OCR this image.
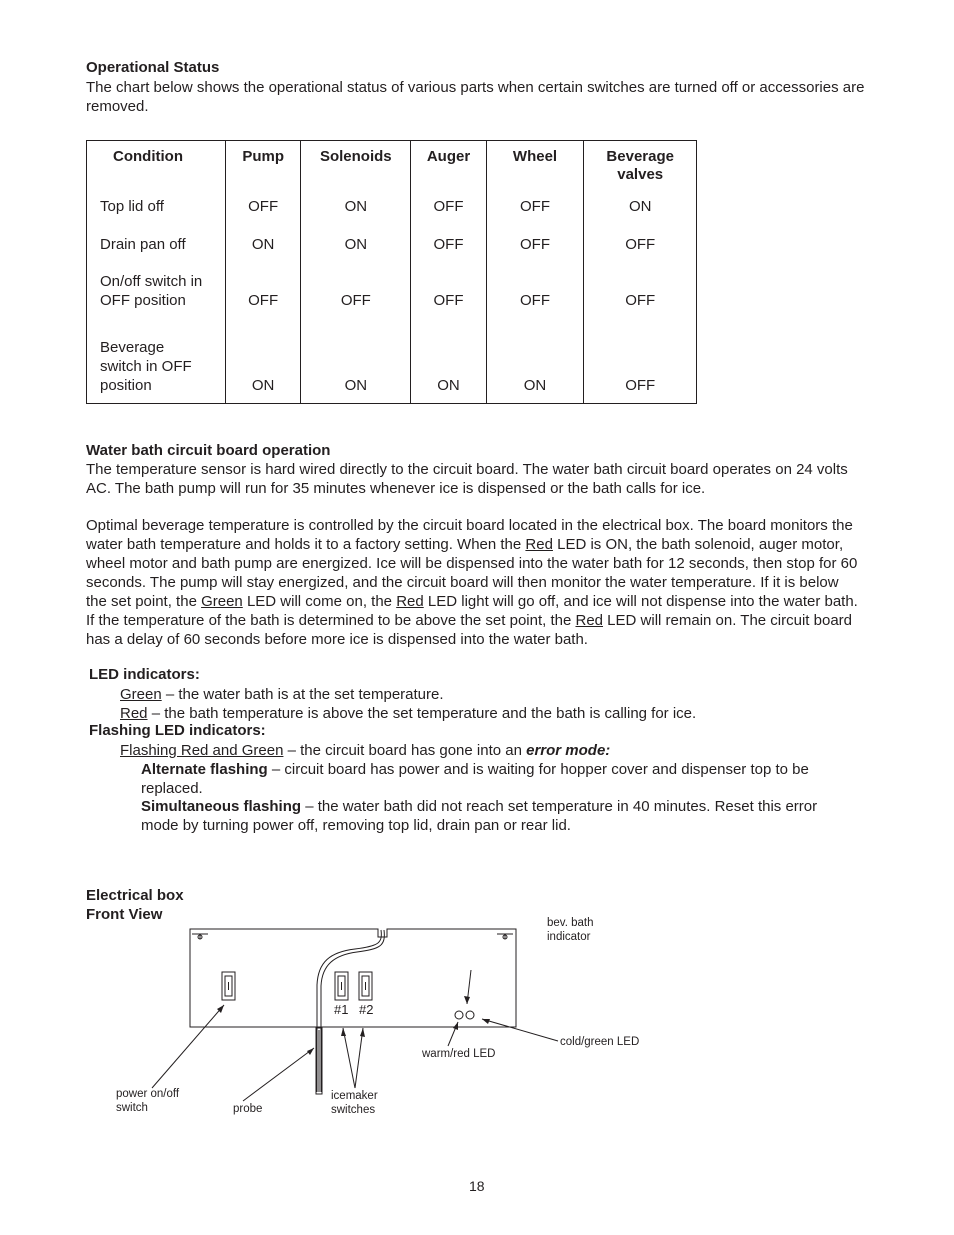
Operational Status
The chart below shows the operational status of various parts when certain switches are turned off or accessories are removed.
Condition	Pump	Solenoids	Auger	Wheel	Beverage valves
Top lid off	OFF	ON	OFF	OFF	ON
Drain pan off	ON	ON	OFF	OFF	OFF
On/off switch in OFF position	OFF	OFF	OFF	OFF	OFF
Beverage switch in OFF position	ON	ON	ON	ON	OFF
Water bath circuit board operation
The temperature sensor is hard wired directly to the circuit board. The water bath circuit board operates on 24 volts AC. The bath pump will run for 35 minutes whenever ice is dispensed or the bath calls for ice.
Optimal beverage temperature is controlled by the circuit board located in the electrical box. The board monitors the water bath temperature and holds it to a factory setting. When the Red LED is ON, the bath solenoid, auger motor, wheel motor and bath pump are energized. Ice will be dispensed into the water bath for 12 seconds, then stop for 60 seconds. The pump will stay energized, and the circuit board will then monitor the water temperature. If it is below the set point, the Green LED will come on, the Red LED light will go off, and ice will not dispense into the water bath. If the temperature of the bath is determined to be above the set point, the Red LED will remain on. The circuit board has a delay of 60 seconds before more ice is dispensed into the water bath.
LED indicators:
Green – the water bath is at the set temperature.
Red – the bath temperature is above the set temperature and the bath is calling for ice.
Flashing LED indicators:
Flashing Red and Green – the circuit board has gone into an error mode:
Alternate flashing – circuit board has power and is waiting for hopper cover and dispenser top to be replaced.
Simultaneous flashing – the water bath did not reach set temperature in 40 minutes. Reset this error mode by turning power off, removing top lid, drain pan or rear lid.
Electrical box
Front View	bev. bath
indicator
cold/green LED
warm/red LED
power on/off
switch	probe
icemaker
switches
#1 #2
18
